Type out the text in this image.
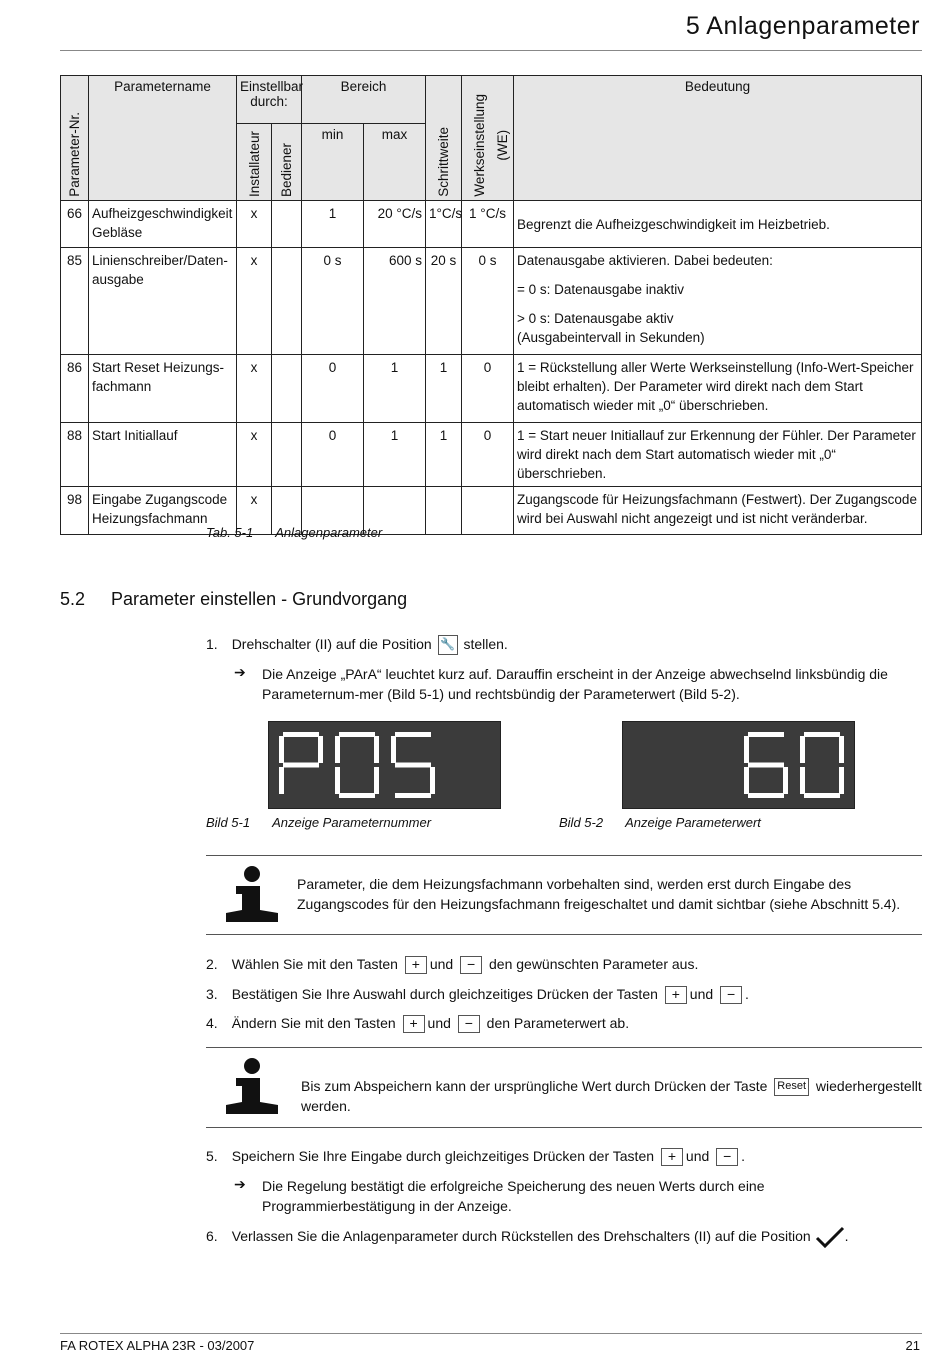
5 Anlagenparameter
Parameter-Nr.	Parametername	Einstellbar durch:		Bereich		Schrittweite	Werkseinstellung (WE)	Bedeutung

		Installateur	Bediener	min	max			
66	Aufheizgeschwindigkeit Gebläse	x		1	20 °C/s	1°C/s	1 °C/s	Begrenzt die Aufheizgeschwindigkeit im Heizbetrieb.

85	Linienschreiber/Daten-ausgabe	x		0 s	600 s	20 s	0 s	Datenausgabe aktivieren. Dabei bedeuten:

= 0 s: Datenausgabe inaktiv

> 0 s: Datenausgabe aktiv (Ausgabeintervall in Sekunden)

86	Start Reset Heizungs-fachmann	x		0	1	1	0	1 = Rückstellung aller Werte Werkseinstellung (Info-Wert-Speicher bleibt erhalten). Der Parameter wird direkt nach dem Start automatisch wieder mit „0“ überschrieben.

88	Start Initiallauf	x		0	1	1	0	1 = Start neuer Initiallauf zur Erkennung der Fühler. Der Parameter wird direkt nach dem Start automatisch wieder mit „0“ überschrieben.

98	Eingabe Zugangscode Heizungsfachmann	x						Zugangscode für Heizungsfachmann (Festwert). Der Zugangscode wird bei Auswahl nicht angezeigt und ist nicht veränderbar.

Tab. 5-1 Anlagenparameter
5.2 Parameter einstellen - Grundvorgang
1. Drehschalter (II) auf die Position 🔧 stellen.
➔ Die Anzeige „PArA“ leuchtet kurz auf. Darauffin erscheint in der Anzeige abwechselnd linksbündig die Parameternum-mer (Bild 5-1) und rechtsbündig der Parameterwert (Bild 5-2).
Bild 5-1 Anzeige Parameternummer	Bild 5-2 Anzeige Parameterwert
Parameter, die dem Heizungsfachmann vorbehalten sind, werden erst durch Eingabe des Zugangscodes für den Heizungsfachmann freigeschaltet und damit sichtbar (siehe Abschnitt 5.4).
2. Wählen Sie mit den Tasten + und − den gewünschten Parameter aus.
3. Bestätigen Sie Ihre Auswahl durch gleichzeitiges Drücken der Tasten + und − .
4. Ändern Sie mit den Tasten + und − den Parameterwert ab.
Bis zum Abspeichern kann der ursprüngliche Wert durch Drücken der Taste Reset wiederhergestellt werden.
5. Speichern Sie Ihre Eingabe durch gleichzeitiges Drücken der Tasten + und − .
➔ Die Regelung bestätigt die erfolgreiche Speicherung des neuen Werts durch eine Programmierbestätigung in der Anzeige.
6. Verlassen Sie die Anlagenparameter durch Rückstellen des Drehschalters (II) auf die Position .
FA ROTEX ALPHA 23R - 03/2007	21
